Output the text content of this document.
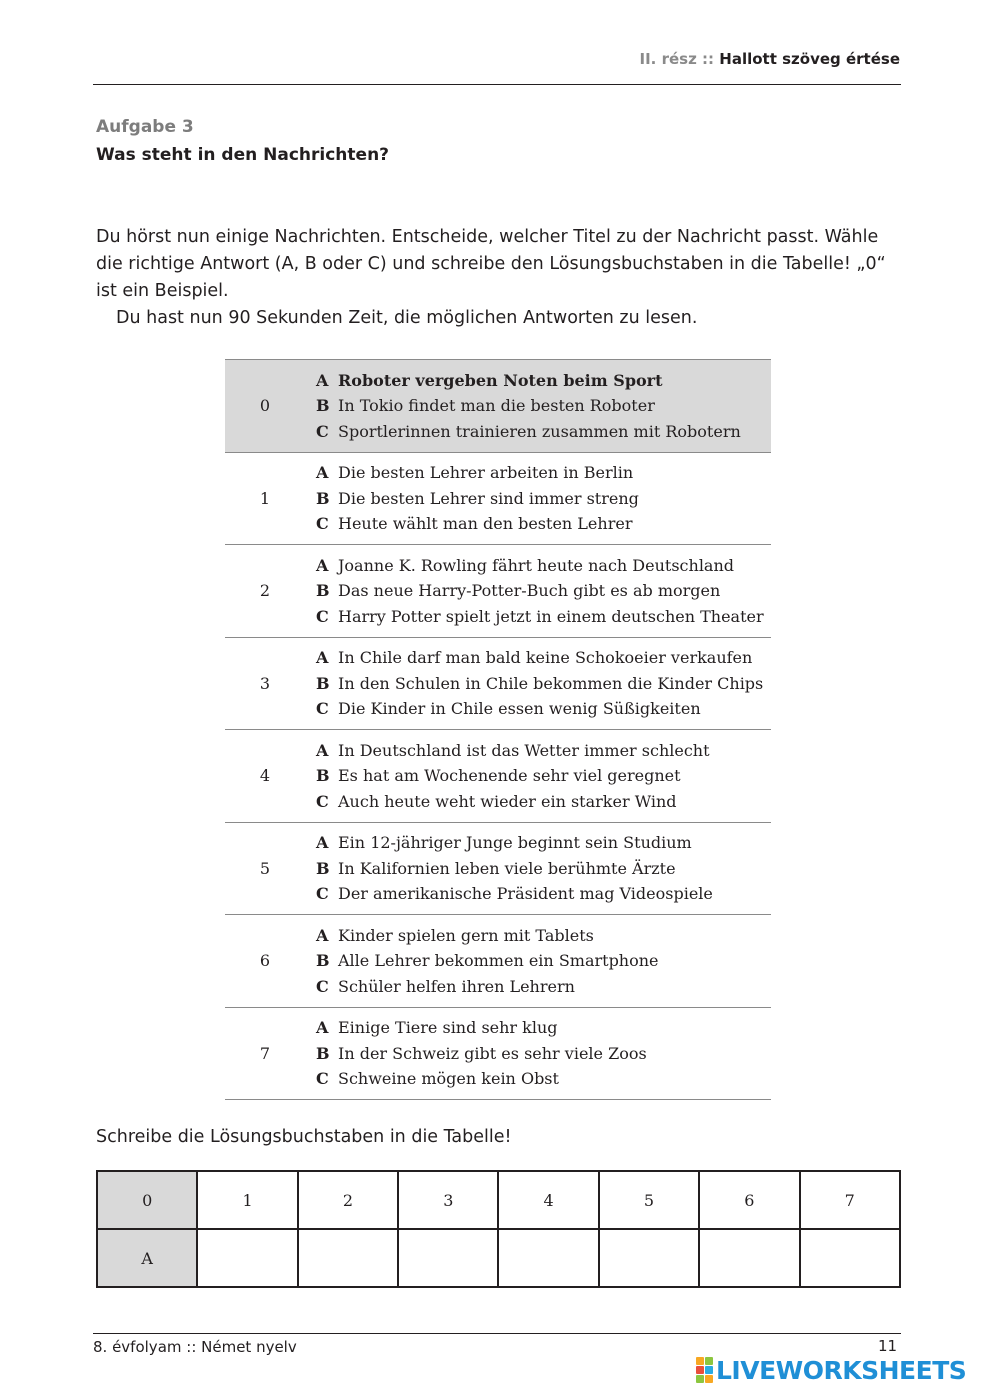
II. rész :: Hallott szöveg értése
Aufgabe 3
Was steht in den Nachrichten?

Du hörst nun einige Nachrichten. Entscheide, welcher Titel zu der Nachricht passt. Wähle die richtige Antwort (A, B oder C) und schreibe den Lösungsbuchstaben in die Tabelle! „0“ ist ein Beispiel.

Du hast nun 90 Sekunden Zeit, die möglichen Antworten zu lesen.

0
A Roboter vergeben Noten beim Sport
B In Tokio findet man die besten Roboter
C Sportlerinnen trainieren zusammen mit Robotern
1
A Die besten Lehrer arbeiten in Berlin
B Die besten Lehrer sind immer streng
C Heute wählt man den besten Lehrer
2
A Joanne K. Rowling fährt heute nach Deutschland
B Das neue Harry-Potter-Buch gibt es ab morgen
C Harry Potter spielt jetzt in einem deutschen Theater
3
A In Chile darf man bald keine Schokoeier verkaufen
B In den Schulen in Chile bekommen die Kinder Chips
C Die Kinder in Chile essen wenig Süßigkeiten
4
A In Deutschland ist das Wetter immer schlecht
B Es hat am Wochenende sehr viel geregnet
C Auch heute weht wieder ein starker Wind
5
A Ein 12-jähriger Junge beginnt sein Studium
B In Kalifornien leben viele berühmte Ärzte
C Der amerikanische Präsident mag Videospiele
6
A Kinder spielen gern mit Tablets
B Alle Lehrer bekommen ein Smartphone
C Schüler helfen ihren Lehrern
7
A Einige Tiere sind sehr klug
B In der Schweiz gibt es sehr viele Zoos
C Schweine mögen kein Obst
Schreibe die Lösungsbuchstaben in die Tabelle!
0	1	2	3	4	5	6	7
A							
8. évfolyam :: Német nyelv	11
LIVEWORKSHEETS
